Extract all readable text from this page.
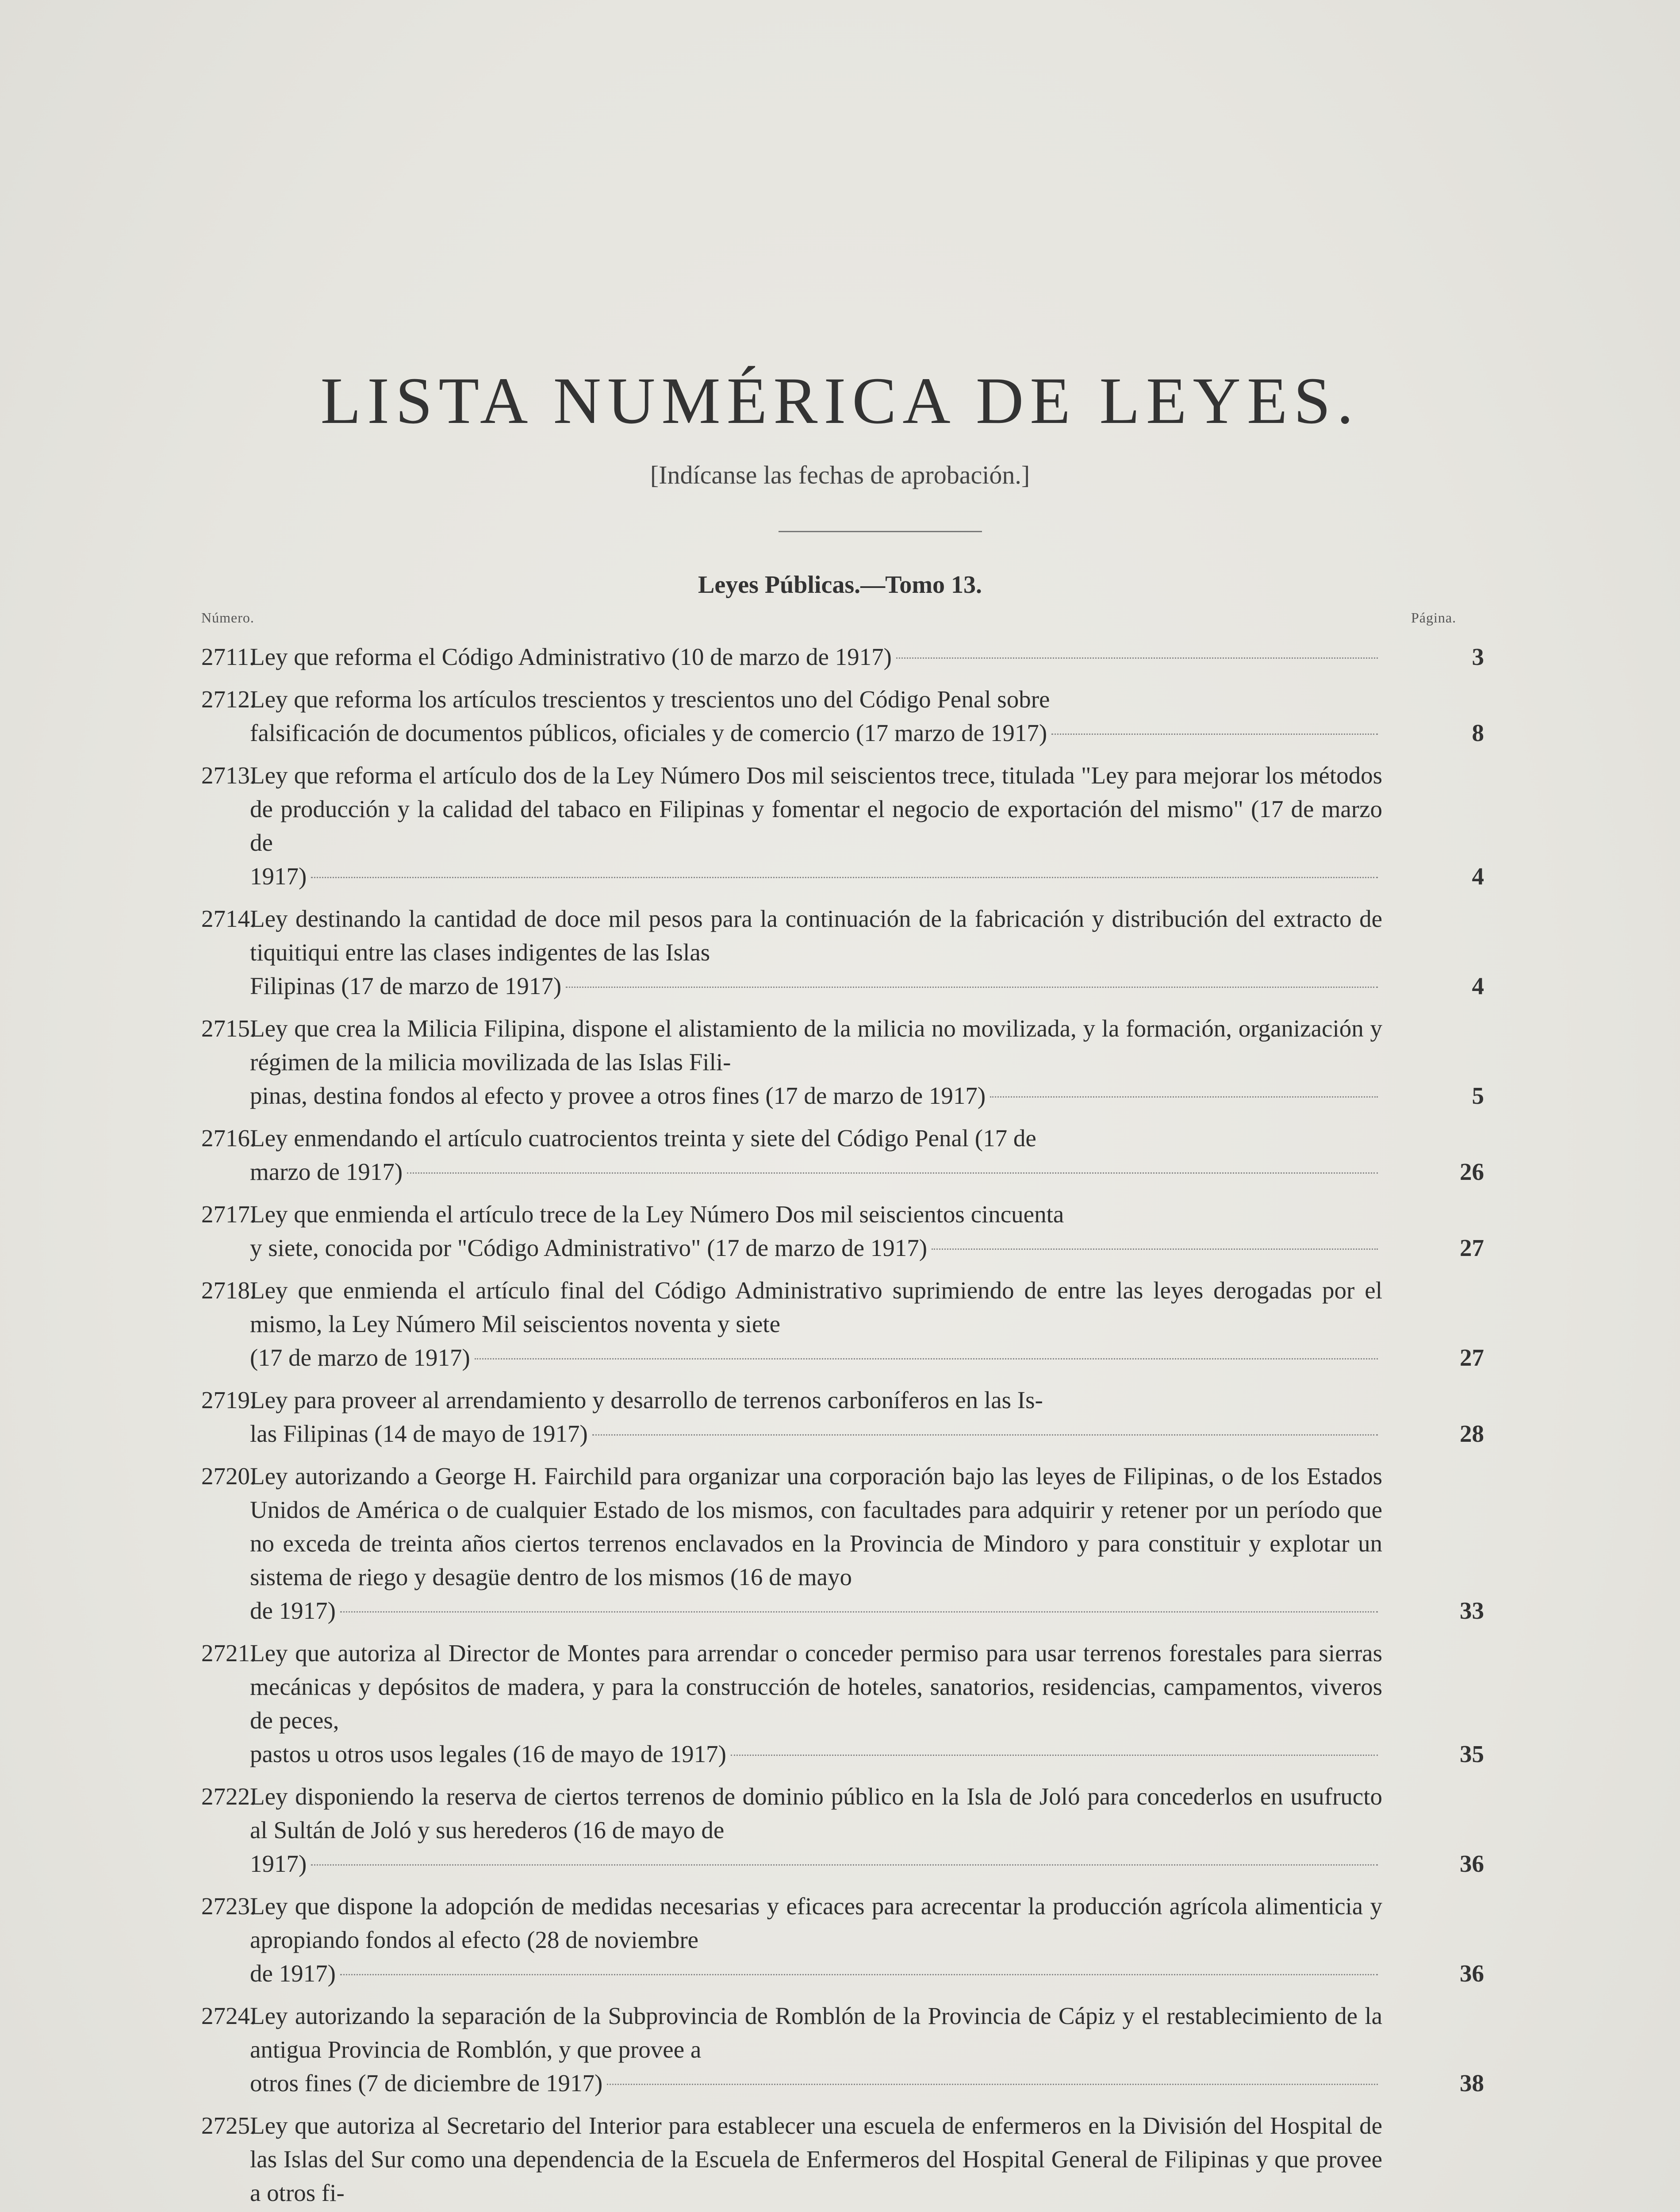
LISTA NUMÉRICA DE LEYES.
[Indícanse las fechas de aprobación.]
Leyes Públicas.—Tomo 13.
Número.	Página.
2711.
Ley que reforma el Código Administrativo (10 de marzo de 1917)	3
2712.
Ley que reforma los artículos trescientos y trescientos uno del Código Penal sobre
falsificación de documentos públicos, oficiales y de comercio (17 marzo de 1917)	8
2713.
Ley que reforma el artículo dos de la Ley Número Dos mil seiscientos trece, titulada "Ley para mejorar los métodos de producción y la calidad del tabaco en Filipinas y fomentar el negocio de exportación del mismo" (17 de marzo de
1917)	4
2714.
Ley destinando la cantidad de doce mil pesos para la continuación de la fabricación y distribución del extracto de tiquitiqui entre las clases indigentes de las Islas
Filipinas (17 de marzo de 1917)	4
2715.
Ley que crea la Milicia Filipina, dispone el alistamiento de la milicia no movilizada, y la formación, organización y régimen de la milicia movilizada de las Islas Fili-
pinas, destina fondos al efecto y provee a otros fines (17 de marzo de 1917)	5
2716.
Ley enmendando el artículo cuatrocientos treinta y siete del Código Penal (17 de
marzo de 1917)	26
2717.
Ley que enmienda el artículo trece de la Ley Número Dos mil seiscientos cincuenta
y siete, conocida por "Código Administrativo" (17 de marzo de 1917)	27
2718.
Ley que enmienda el artículo final del Código Administrativo suprimiendo de entre las leyes derogadas por el mismo, la Ley Número Mil seiscientos noventa y siete
(17 de marzo de 1917)	27
2719.
Ley para proveer al arrendamiento y desarrollo de terrenos carboníferos en las Is-
las Filipinas (14 de mayo de 1917)	28
2720.
Ley autorizando a George H. Fairchild para organizar una corporación bajo las leyes de Filipinas, o de los Estados Unidos de América o de cualquier Estado de los mismos, con facultades para adquirir y retener por un período que no exceda de treinta años ciertos terrenos enclavados en la Provincia de Mindoro y para constituir y explotar un sistema de riego y desagüe dentro de los mismos (16 de mayo
de 1917)	33
2721.
Ley que autoriza al Director de Montes para arrendar o conceder permiso para usar terrenos forestales para sierras mecánicas y depósitos de madera, y para la construcción de hoteles, sanatorios, residencias, campamentos, viveros de peces,
pastos u otros usos legales (16 de mayo de 1917)	35
2722.
Ley disponiendo la reserva de ciertos terrenos de dominio público en la Isla de Joló para concederlos en usufructo al Sultán de Joló y sus herederos (16 de mayo de
1917)	36
2723.
Ley que dispone la adopción de medidas necesarias y eficaces para acrecentar la producción agrícola alimenticia y apropiando fondos al efecto (28 de noviembre
de 1917)	36
2724.
Ley autorizando la separación de la Subprovincia de Romblón de la Provincia de Cápiz y el restablecimiento de la antigua Provincia de Romblón, y que provee a
otros fines (7 de diciembre de 1917)	38
2725.
Ley que autoriza al Secretario del Interior para establecer una escuela de enfermeros en la División del Hospital de las Islas del Sur como una dependencia de la Escuela de Enfermeros del Hospital General de Filipinas y que provee a otros fi-
